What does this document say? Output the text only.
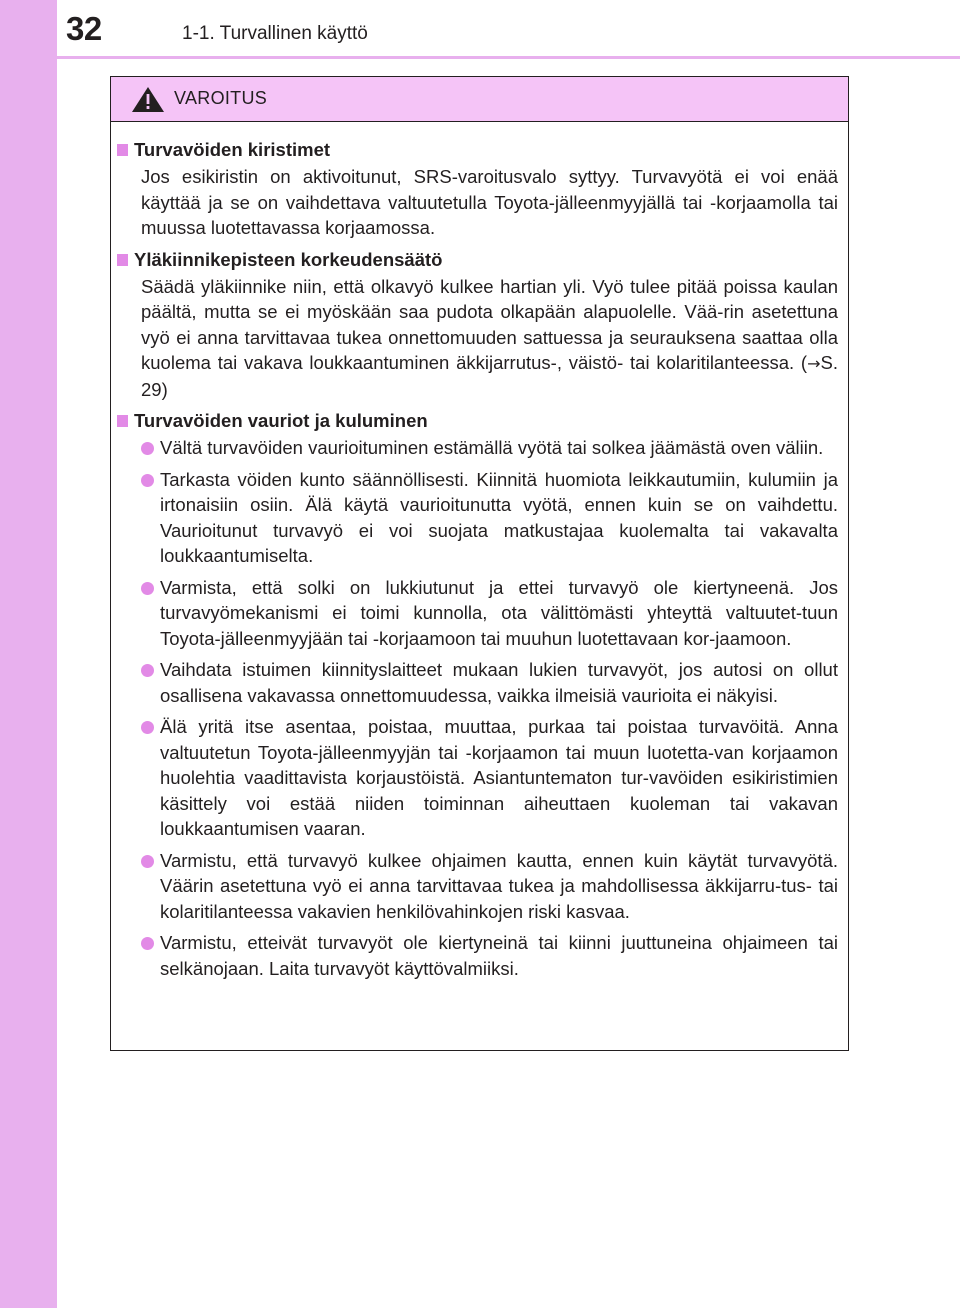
32	1-1. Turvallinen käyttö
VAROITUS
Turvavöiden kiristimet

Jos esikiristin on aktivoitunut, SRS-varoitusvalo syttyy. Turvavyötä ei voi enää käyttää ja se on vaihdettava valtuutetulla Toyota-jälleenmyyjällä tai -korjaamolla tai muussa luotettavassa korjaamossa.

Yläkiinnikepisteen korkeudensäätö

Säädä yläkiinnike niin, että olkavyö kulkee hartian yli. Vyö tulee pitää poissa kaulan päältä, mutta se ei myöskään saa pudota olkapään alapuolelle. Vää-rin asetettuna vyö ei anna tarvittavaa tukea onnettomuuden sattuessa ja seurauksena saattaa olla kuolema tai vakava loukkaantuminen äkkijarrutus-, väistö- tai kolaritilanteessa. (→S. 29)

Turvavöiden vauriot ja kuluminen
Vältä turvavöiden vaurioituminen estämällä vyötä tai solkea jäämästä oven väliin.
Tarkasta vöiden kunto säännöllisesti. Kiinnitä huomiota leikkautumiin, kulumiin ja irtonaisiin osiin. Älä käytä vaurioitunutta vyötä, ennen kuin se on vaihdettu. Vaurioitunut turvavyö ei voi suojata matkustajaa kuolemalta tai vakavalta loukkaantumiselta.
Varmista, että solki on lukkiutunut ja ettei turvavyö ole kiertyneenä. Jos turvavyömekanismi ei toimi kunnolla, ota välittömästi yhteyttä valtuutet-tuun Toyota-jälleenmyyjään tai -korjaamoon tai muuhun luotettavaan kor-jaamoon.
Vaihdata istuimen kiinnityslaitteet mukaan lukien turvavyöt, jos autosi on ollut osallisena vakavassa onnettomuudessa, vaikka ilmeisiä vaurioita ei näkyisi.
Älä yritä itse asentaa, poistaa, muuttaa, purkaa tai poistaa turvavöitä. Anna valtuutetun Toyota-jälleenmyyjän tai -korjaamon tai muun luotetta-van korjaamon huolehtia vaadittavista korjaustöistä. Asiantuntematon tur-vavöiden esikiristimien käsittely voi estää niiden toiminnan aiheuttaen kuoleman tai vakavan loukkaantumisen vaaran.
Varmistu, että turvavyö kulkee ohjaimen kautta, ennen kuin käytät turvavyötä. Väärin asetettuna vyö ei anna tarvittavaa tukea ja mahdollisessa äkkijarru-tus- tai kolaritilanteessa vakavien henkilövahinkojen riski kasvaa.
Varmistu, etteivät turvavyöt ole kiertyneinä tai kiinni juuttuneina ohjaimeen tai selkänojaan. Laita turvavyöt käyttövalmiiksi.
